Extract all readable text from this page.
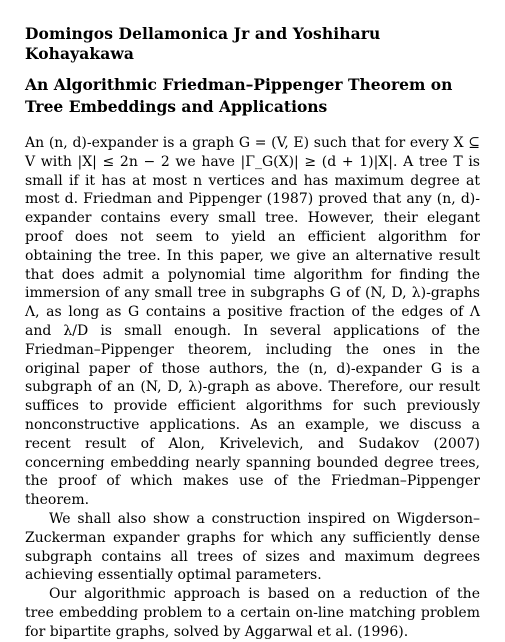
Domingos Dellamonica Jr and Yoshiharu Kohayakawa
An Algorithmic Friedman–Pippenger Theorem on Tree Embeddings and Applications

An (n, d)-expander is a graph G = (V, E) such that for every X ⊆ V with |X| ≤ 2n − 2 we have |Γ_G(X)| ≥ (d + 1)|X|. A tree T is small if it has at most n vertices and has maximum degree at most d. Friedman and Pippenger (1987) proved that any (n, d)-expander contains every small tree. However, their elegant proof does not seem to yield an efficient algorithm for obtaining the tree. In this paper, we give an alternative result that does admit a polynomial time algorithm for finding the immersion of any small tree in subgraphs G of (N, D, λ)-graphs Λ, as long as G contains a positive fraction of the edges of Λ and λ/D is small enough. In several applications of the Friedman–Pippenger theorem, including the ones in the original paper of those authors, the (n, d)-expander G is a subgraph of an (N, D, λ)-graph as above. Therefore, our result suffices to provide efficient algorithms for such previously nonconstructive applications. As an example, we discuss a recent result of Alon, Krivelevich, and Sudakov (2007) concerning embedding nearly spanning bounded degree trees, the proof of which makes use of the Friedman–Pippenger theorem.

We shall also show a construction inspired on Wigderson–Zuckerman expander graphs for which any sufficiently dense subgraph contains all trees of sizes and maximum degrees achieving essentially optimal parameters.

Our algorithmic approach is based on a reduction of the tree embedding problem to a certain on-line matching problem for bipartite graphs, solved by Aggarwal et al. (1996).
